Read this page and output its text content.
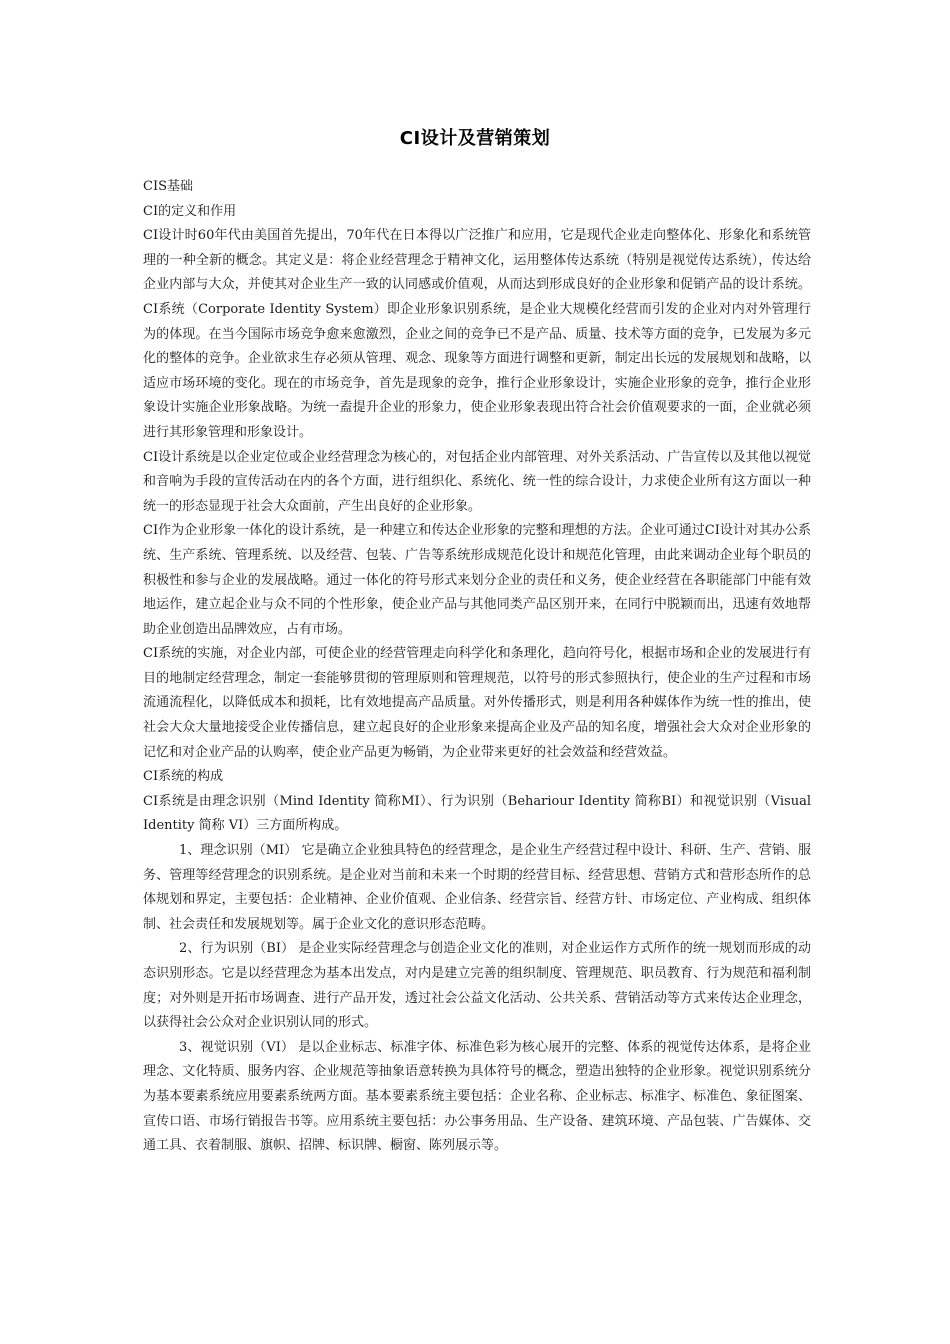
CI设计及营销策划

CIS基础

CI的定义和作用

CI设计时60年代由美国首先提出，70年代在日本得以广泛推广和应用，它是现代企业走向整体化、形象化和系统管理的一种全新的概念。其定义是：将企业经营理念于精神文化，运用整体传达系统（特别是视觉传达系统），传达给企业内部与大众，并使其对企业生产一致的认同感或价值观，从而达到形成良好的企业形象和促销产品的设计系统。 CI系统（Corporate Identity System）即企业形象识别系统，是企业大规模化经营而引发的企业对内对外管理行为的体现。在当今国际市场竞争愈来愈激烈，企业之间的竞争已不是产品、质量、技术等方面的竞争，已发展为多元化的整体的竞争。企业欲求生存必须从管理、观念、现象等方面进行调整和更新，制定出长远的发展规划和战略，以适应市场环境的变化。现在的市场竞争，首先是现象的竞争，推行企业形象设计，实施企业形象的竞争，推行企业形象设计实施企业形象战略。为统一盍提升企业的形象力，使企业形象表现出符合社会价值观要求的一面，企业就必须进行其形象管理和形象设计。

CI设计系统是以企业定位或企业经营理念为核心的，对包括企业内部管理、对外关系活动、广告宣传以及其他以视觉和音响为手段的宣传活动在内的各个方面，进行组织化、系统化、统一性的综合设计，力求使企业所有这方面以一种统一的形态显现于社会大众面前，产生出良好的企业形象。

CI作为企业形象一体化的设计系统，是一种建立和传达企业形象的完整和理想的方法。企业可通过CI设计对其办公系统、生产系统、管理系统、以及经营、包装、广告等系统形成规范化设计和规范化管理，由此来调动企业每个职员的积极性和参与企业的发展战略。通过一体化的符号形式来划分企业的责任和义务，使企业经营在各职能部门中能有效地运作，建立起企业与众不同的个性形象，使企业产品与其他同类产品区别开来，在同行中脱颖而出，迅速有效地帮助企业创造出品牌效应，占有市场。

CI系统的实施，对企业内部，可使企业的经营管理走向科学化和条理化，趋向符号化，根据市场和企业的发展进行有目的地制定经营理念，制定一套能够贯彻的管理原则和管理规范，以符号的形式参照执行，使企业的生产过程和市场流通流程化，以降低成本和损耗，比有效地提高产品质量。对外传播形式，则是利用各种媒体作为统一性的推出，使社会大众大量地接受企业传播信息，建立起良好的企业形象来提高企业及产品的知名度，增强社会大众对企业形象的记忆和对企业产品的认购率，使企业产品更为畅销，为企业带来更好的社会效益和经营效益。

CI系统的构成

CI系统是由理念识别（Mind Identity 简称MI）、行为识别（Behariour Identity 简称BI）和视觉识别（Visual Identity 简称 VI）三方面所构成。

1、理念识别（MI） 它是确立企业独具特色的经营理念，是企业生产经营过程中设计、科研、生产、营销、服务、管理等经营理念的识别系统。是企业对当前和未来一个时期的经营目标、经营思想、营销方式和营形态所作的总体规划和界定，主要包括：企业精神、企业价值观、企业信条、经营宗旨、经营方针、市场定位、产业构成、组织体制、社会责任和发展规划等。属于企业文化的意识形态范畴。

2、行为识别（BI） 是企业实际经营理念与创造企业文化的准则，对企业运作方式所作的统一规划而形成的动态识别形态。它是以经营理念为基本出发点，对内是建立完善的组织制度、管理规范、职员教育、行为规范和福利制度；对外则是开拓市场调查、进行产品开发，透过社会公益文化活动、公共关系、营销活动等方式来传达企业理念，以获得社会公众对企业识别认同的形式。

3、视觉识别（VI） 是以企业标志、标准字体、标准色彩为核心展开的完整、体系的视觉传达体系，是将企业理念、文化特质、服务内容、企业规范等抽象语意转换为具体符号的概念，塑造出独特的企业形象。视觉识别系统分为基本要素系统应用要素系统两方面。基本要素系统主要包括：企业名称、企业标志、标准字、标准色、象征图案、宣传口语、市场行销报告书等。应用系统主要包括：办公事务用品、生产设备、建筑环境、产品包装、广告媒体、交通工具、衣着制服、旗帜、招牌、标识牌、橱窗、陈列展示等。
